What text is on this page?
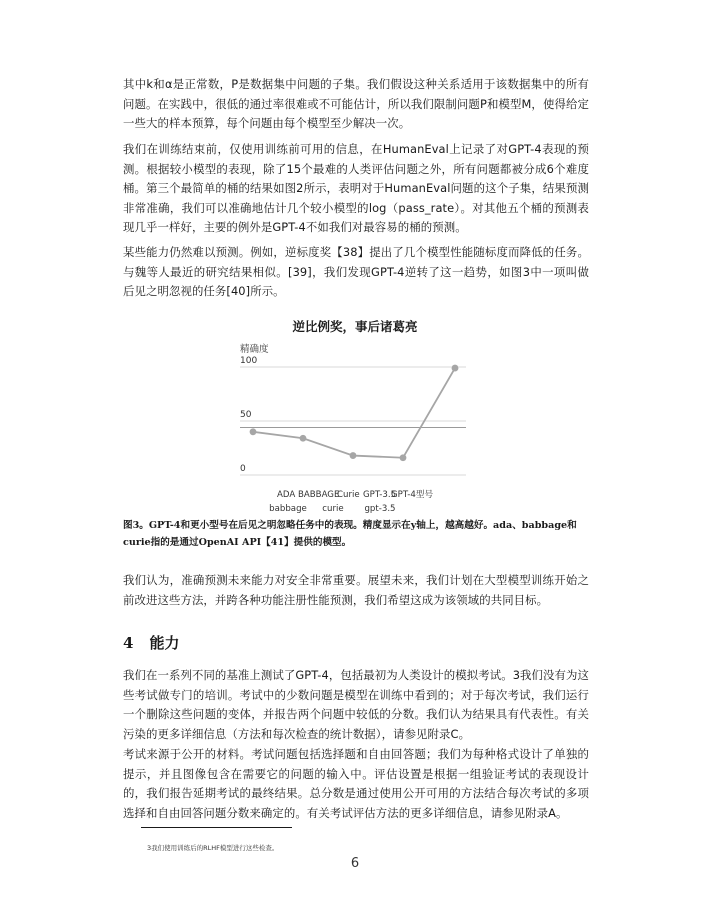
其中k和α是正常数，P是数据集中问题的子集。我们假设这种关系适用于该数据集中的所有问题。在实践中，很低的通过率很难或不可能估计，所以我们限制问题P和模型M，使得给定一些大的样本预算，每个问题由每个模型至少解决一次。

我们在训练结束前，仅使用训练前可用的信息，在HumanEval上记录了对GPT-4表现的预测。根据较小模型的表现，除了15个最难的人类评估问题之外，所有问题都被分成6个难度桶。第三个最简单的桶的结果如图2所示，表明对于HumanEval问题的这个子集，结果预测非常准确，我们可以准确地估计几个较小模型的log（pass_rate）。对其他五个桶的预测表现几乎一样好，主要的例外是GPT-4不如我们对最容易的桶的预测。

某些能力仍然难以预测。例如，逆标度奖【38】提出了几个模型性能随标度而降低的任务。与魏等人最近的研究结果相似。[39]，我们发现GPT-4逆转了这一趋势，如图3中一项叫做后见之明忽视的任务[40]所示。

逆比例奖，事后诸葛亮
精确度
0
50
100
ADA BABBAGE
Curie GPT-3.5
GPT-4型号
babbage curie gpt-3.5

图3。GPT-4和更小型号在后见之明忽略任务中的表现。精度显示在y轴上，越高越好。ada、babbage和curie指的是通过OpenAI API【41】提供的模型。

我们认为，准确预测未来能力对安全非常重要。展望未来，我们计划在大型模型训练开始之前改进这些方法，并跨各种功能注册性能预测，我们希望这成为该领域的共同目标。

4 能力

我们在一系列不同的基准上测试了GPT-4，包括最初为人类设计的模拟考试。3我们没有为这些考试做专门的培训。考试中的少数问题是模型在训练中看到的；对于每次考试，我们运行一个删除这些问题的变体，并报告两个问题中较低的分数。我们认为结果具有代表性。有关污染的更多详细信息（方法和每次检查的统计数据），请参见附录C。

考试来源于公开的材料。考试问题包括选择题和自由回答题；我们为每种格式设计了单独的提示，并且图像包含在需要它的问题的输入中。评估设置是根据一组验证考试的表现设计的，我们报告延期考试的最终结果。总分数是通过使用公开可用的方法结合每次考试的多项选择和自由回答问题分数来确定的。有关考试评估方法的更多详细信息，请参见附录A。

3我们使用训练后的RLHF模型进行这些检查。
6
